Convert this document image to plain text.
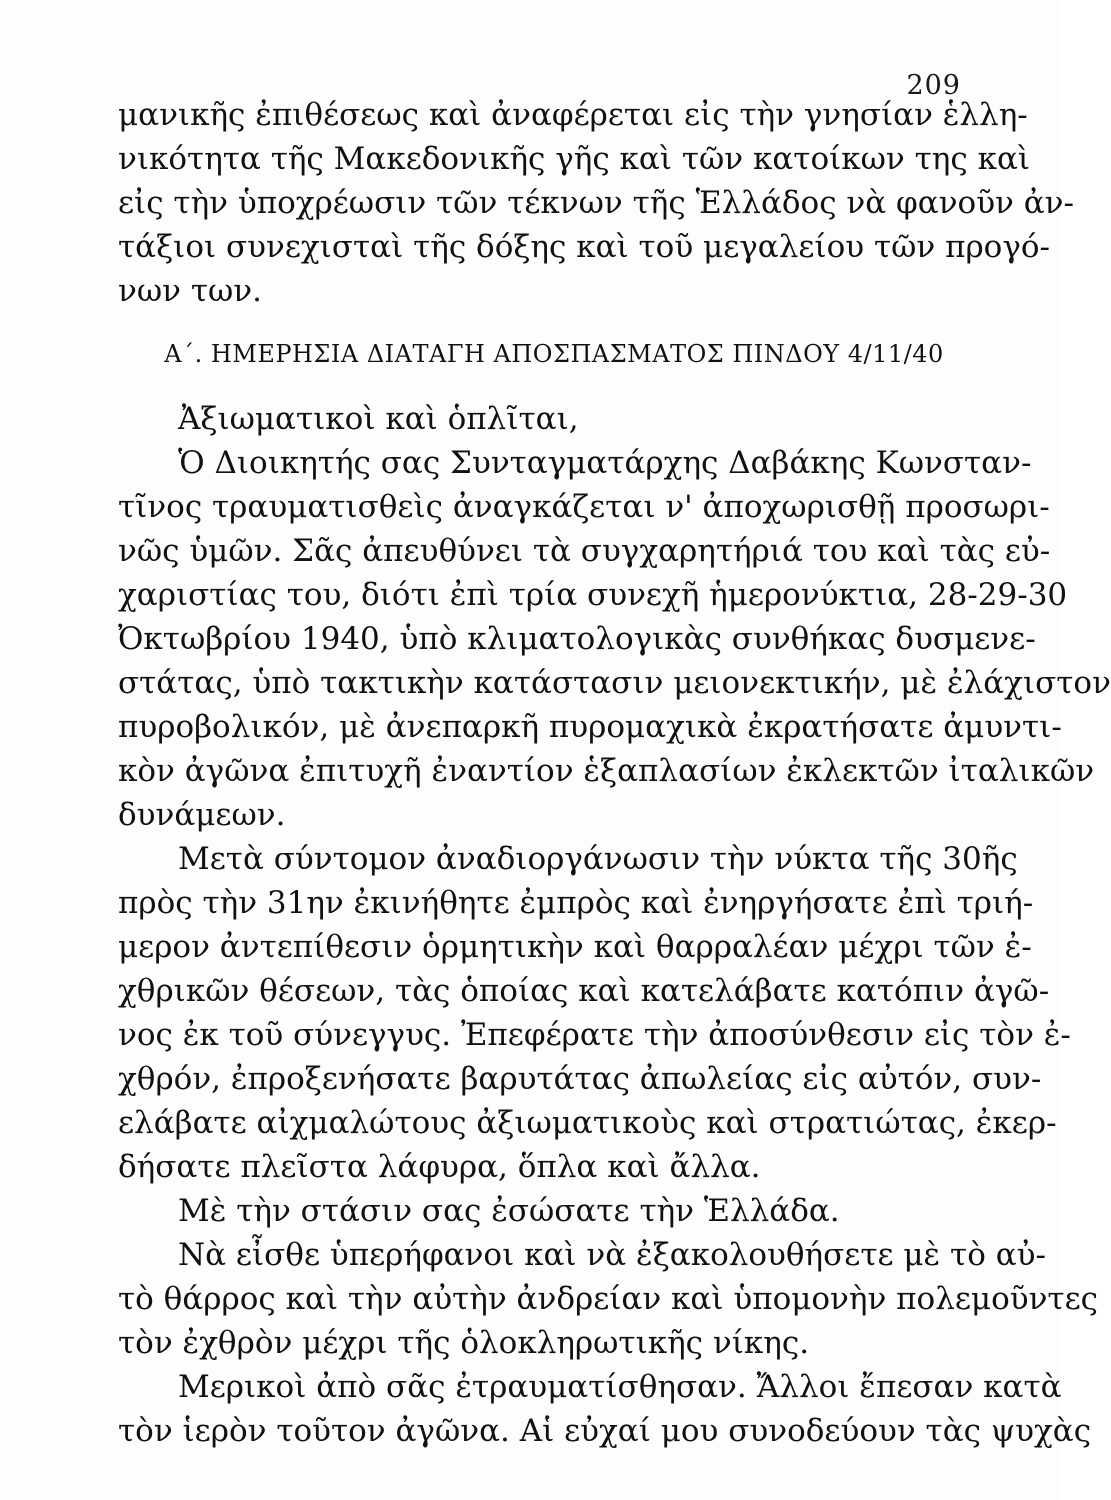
209
μανικῆς ἐπιθέσεως καὶ ἀναφέρεται εἰς τὴν γνησίαν ἑλλη-
νικότητα τῆς Μακεδονικῆς γῆς καὶ τῶν κατοίκων της καὶ
εἰς τὴν ὑποχρέωσιν τῶν τέκνων τῆς Ἑλλάδος νὰ φανοῦν ἀν-
τάξιοι συνεχισταὶ τῆς δόξης καὶ τοῦ μεγαλείου τῶν προγό-
νων των.
Α΄. ΗΜΕΡΗΣΙΑ ΔΙΑΤΑΓΗ ΑΠΟΣΠΑΣΜΑΤΟΣ ΠΙΝΔΟΥ 4/11/40
Ἀξιωματικοὶ καὶ ὁπλῖται,
Ὁ Διοικητής σας Συνταγματάρχης Δαβάκης Κωνσταν-
τῖνος τραυματισθεὶς ἀναγκάζεται ν' ἀποχωρισθῇ προσωρι-
νῶς ὑμῶν. Σᾶς ἀπευθύνει τὰ συγχαρητήριά του καὶ τὰς εὐ-
χαριστίας του, διότι ἐπὶ τρία συνεχῆ ἡμερονύκτια, 28-29-30
Ὀκτωβρίου 1940, ὑπὸ κλιματολογικὰς συνθήκας δυσμενε-
στάτας, ὑπὸ τακτικὴν κατάστασιν μειονεκτικήν, μὲ ἐλάχιστον
πυροβολικόν, μὲ ἀνεπαρκῆ πυρομαχικὰ ἐκρατήσατε ἀμυντι-
κὸν ἀγῶνα ἐπιτυχῆ ἐναντίον ἑξαπλασίων ἐκλεκτῶν ἰταλικῶν
δυνάμεων.
Μετὰ σύντομον ἀναδιοργάνωσιν τὴν νύκτα τῆς 30ῆς
πρὸς τὴν 31ην ἐκινήθητε ἐμπρὸς καὶ ἐνηργήσατε ἐπὶ τριή-
μερον ἀντεπίθεσιν ὁρμητικὴν καὶ θαρραλέαν μέχρι τῶν ἐ-
χθρικῶν θέσεων, τὰς ὁποίας καὶ κατελάβατε κατόπιν ἀγῶ-
νος ἐκ τοῦ σύνεγγυς. Ἐπεφέρατε τὴν ἀποσύνθεσιν εἰς τὸν ἐ-
χθρόν, ἐπροξενήσατε βαρυτάτας ἀπωλείας εἰς αὐτόν, συν-
ελάβατε αἰχμαλώτους ἀξιωματικοὺς καὶ στρατιώτας, ἐκερ-
δήσατε πλεῖστα λάφυρα, ὅπλα καὶ ἄλλα.
Μὲ τὴν στάσιν σας ἐσώσατε τὴν Ἑλλάδα.
Νὰ εἶσθε ὑπερήφανοι καὶ νὰ ἐξακολουθήσετε μὲ τὸ αὐ-
τὸ θάρρος καὶ τὴν αὐτὴν ἀνδρείαν καὶ ὑπομονὴν πολεμοῦντες
τὸν ἐχθρὸν μέχρι τῆς ὁλοκληρωτικῆς νίκης.
Μερικοὶ ἀπὸ σᾶς ἐτραυματίσθησαν. Ἄλλοι ἔπεσαν κατὰ
τὸν ἱερὸν τοῦτον ἀγῶνα. Αἱ εὐχαί μου συνοδεύουν τὰς ψυχὰς
